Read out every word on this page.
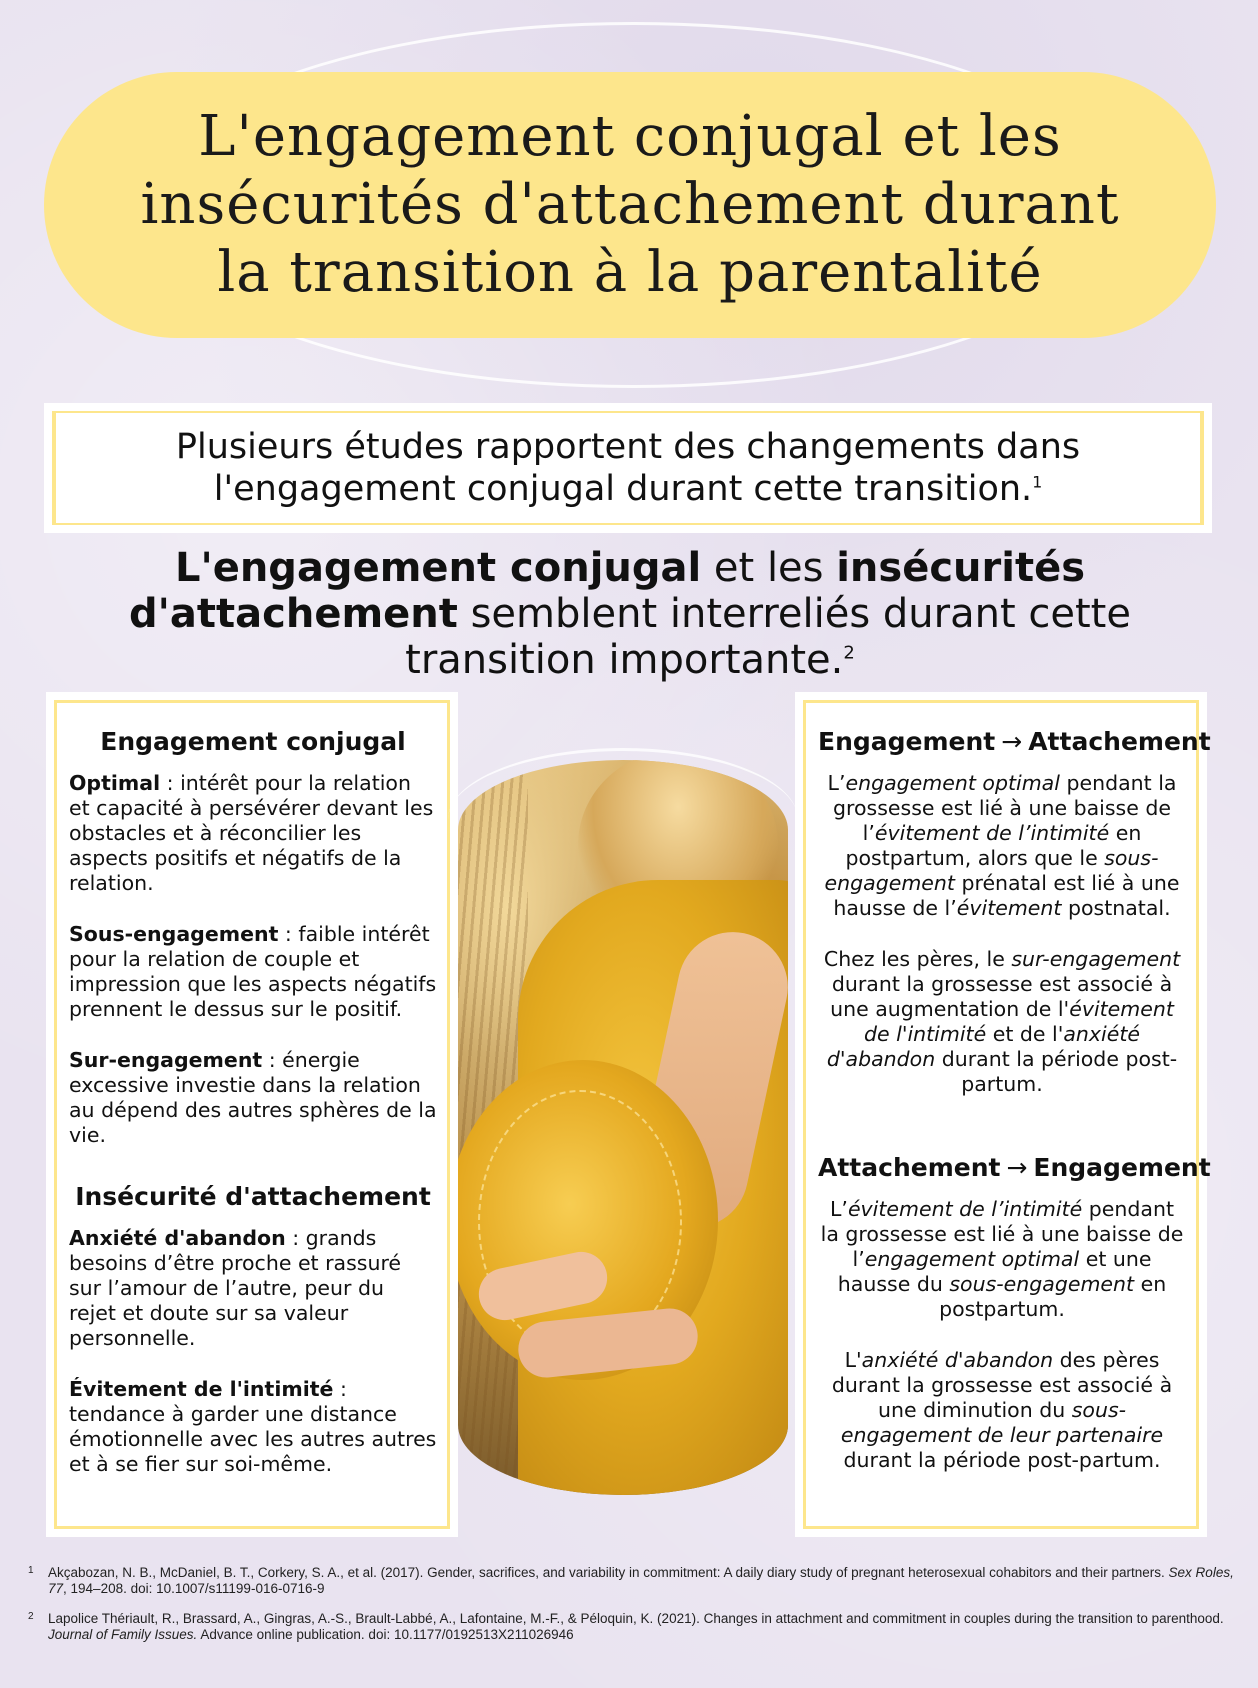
L'engagement conjugal et les insécurités d'attachement durant la transition à la parentalité
Plusieurs études rapportent des changements dans l'engagement conjugal durant cette transition.$^1$
L'engagement conjugal et les insécurités d'attachement semblent interreliés durant cette transition importante.$^2$
Engagement conjugal

Optimal : intérêt pour la relation et capacité à persévérer devant les obstacles et à réconcilier les aspects positifs et négatifs de la relation.

Sous-engagement : faible intérêt pour la relation de couple et impression que les aspects négatifs prennent le dessus sur le positif.

Sur-engagement : énergie excessive investie dans la relation au dépend des autres sphères de la vie.

Insécurité d'attachement

Anxiété d'abandon : grands besoins d’être proche et rassuré sur l’amour de l’autre, peur du rejet et doute sur sa valeur personnelle.

Évitement de l'intimité : tendance à garder une distance émotionnelle avec les autres autres et à se fier sur soi-même.

Engagement → Attachement

L’engagement optimal pendant la grossesse est lié à une baisse de l’évitement de l’intimité en postpartum, alors que le sous-engagement prénatal est lié à une hausse de l’évitement postnatal.

Chez les pères, le sur-engagement durant la grossesse est associé à une augmentation de l'évitement de l'intimité et de l'anxiété d'abandon durant la période post-partum.

Attachement → Engagement

L’évitement de l’intimité pendant la grossesse est lié à une baisse de l’engagement optimal et une hausse du sous-engagement en postpartum.

L'anxiété d'abandon des pères durant la grossesse est associé à une diminution du sous-engagement de leur partenaire durant la période post-partum.

1	Akçabozan, N. B., McDaniel, B. T., Corkery, S. A., et al. (2017). Gender, sacrifices, and variability in commitment: A daily diary study of pregnant heterosexual cohabitors and their partners. Sex Roles, 77, 194–208. doi: 10.1007/s11199-016-0716-9
2	Lapolice Thériault, R., Brassard, A., Gingras, A.-S., Brault-Labbé, A., Lafontaine, M.-F., & Péloquin, K. (2021). Changes in attachment and commitment in couples during the transition to parenthood. Journal of Family Issues. Advance online publication. doi: 10.1177/0192513X211026946
